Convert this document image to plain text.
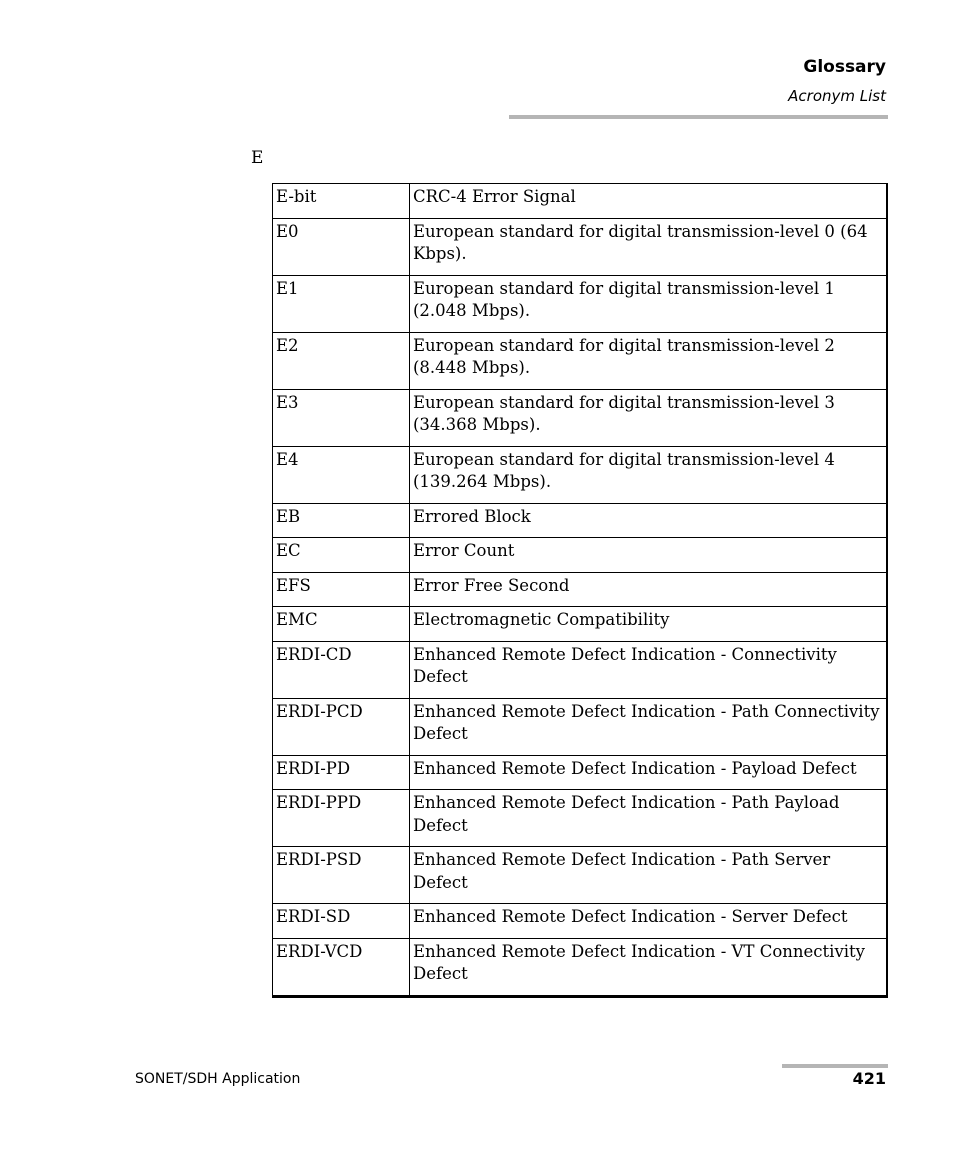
Glossary
Acronym List
E
E-bit	CRC-4 Error Signal
E0	European standard for digital transmission-level 0 (64 Kbps).
E1	European standard for digital transmission-level 1 (2.048 Mbps).
E2	European standard for digital transmission-level 2 (8.448 Mbps).
E3	European standard for digital transmission-level 3 (34.368 Mbps).
E4	European standard for digital transmission-level 4 (139.264 Mbps).
EB	Errored Block
EC	Error Count
EFS	Error Free Second
EMC	Electromagnetic Compatibility
ERDI-CD	Enhanced Remote Defect Indication - Connectivity Defect
ERDI-PCD	Enhanced Remote Defect Indication - Path Connectivity Defect
ERDI-PD	Enhanced Remote Defect Indication - Payload Defect
ERDI-PPD	Enhanced Remote Defect Indication - Path Payload Defect
ERDI-PSD	Enhanced Remote Defect Indication - Path Server Defect
ERDI-SD	Enhanced Remote Defect Indication - Server Defect
ERDI-VCD	Enhanced Remote Defect Indication - VT Connectivity Defect
SONET/SDH Application	421
